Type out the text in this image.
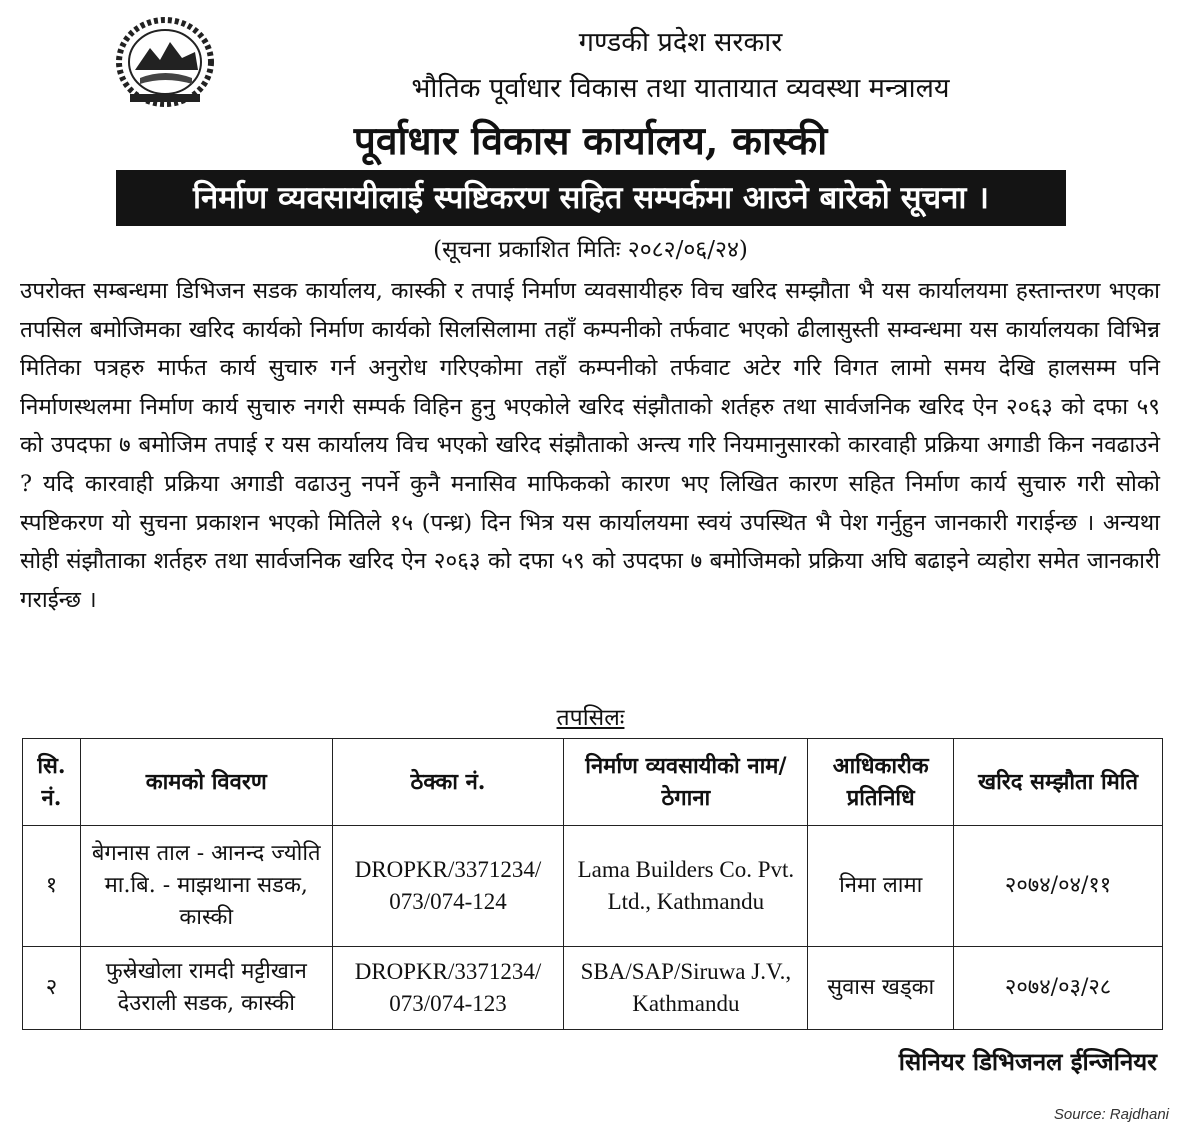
गण्डकी प्रदेश सरकार
भौतिक पूर्वाधार विकास तथा यातायात व्यवस्था मन्त्रालय
पूर्वाधार विकास कार्यालय, कास्की
निर्माण व्यवसायीलाई स्पष्टिकरण सहित सम्पर्कमा आउने बारेको सूचना ।
(सूचना प्रकाशित मितिः २०८२/०६/२४)
उपरोक्त सम्बन्धमा डिभिजन सडक कार्यालय, कास्की र तपाई निर्माण व्यवसायीहरु विच खरिद सम्झौता भै यस कार्यालयमा हस्तान्तरण भएका तपसिल बमोजिमका खरिद कार्यको निर्माण कार्यको सिलसिलामा तहाँ कम्पनीको तर्फवाट भएको ढीलासुस्ती सम्वन्धमा यस कार्यालयका विभिन्न मितिका पत्रहरु मार्फत कार्य सुचारु गर्न अनुरोध गरिएकोमा तहाँ कम्पनीको तर्फवाट अटेर गरि विगत लामो समय देखि हालसम्म पनि निर्माणस्थलमा निर्माण कार्य सुचारु नगरी सम्पर्क विहिन हुनु भएकोले खरिद संझौताको शर्तहरु तथा सार्वजनिक खरिद ऐन २०६३ को दफा ५९ को उपदफा ७ बमोजिम तपाई र यस कार्यालय विच भएको खरिद संझौताको अन्त्य गरि नियमानुसारको कारवाही प्रक्रिया अगाडी किन नवढाउने ? यदि कारवाही प्रक्रिया अगाडी वढाउनु नपर्ने कुनै मनासिव माफिकको कारण भए लिखित कारण सहित निर्माण कार्य सुचारु गरी सोको स्पष्टिकरण यो सुचना प्रकाशन भएको मितिले १५ (पन्ध्र) दिन भित्र यस कार्यालयमा स्वयं उपस्थित भै पेश गर्नुहुन जानकारी गराईन्छ । अन्यथा सोही संझौताका शर्तहरु तथा सार्वजनिक खरिद ऐन २०६३ को दफा ५९ को उपदफा ७ बमोजिमको प्रक्रिया अघि बढाइने व्यहोरा समेत जानकारी गराईन्छ ।
तपसिलः
सि. नं.	कामको विवरण	ठेक्का नं.	निर्माण व्यवसायीको नाम/ठेगाना	आधिकारीक प्रतिनिधि	खरिद सम्झौता मिति
१	बेगनास ताल - आनन्द ज्योति मा.बि. - माझथाना सडक, कास्की	DROPKR/3371234/ 073/074-124	Lama Builders Co. Pvt. Ltd., Kathmandu	निमा लामा	२०७४/०४/११
२	फुस्रेखोला रामदी मट्टीखान देउराली सडक, कास्की	DROPKR/3371234/ 073/074-123	SBA/SAP/Siruwa J.V., Kathmandu	सुवास खड्का	२०७४/०३/२८
सिनियर डिभिजनल ईन्जिनियर
Source: Rajdhani
